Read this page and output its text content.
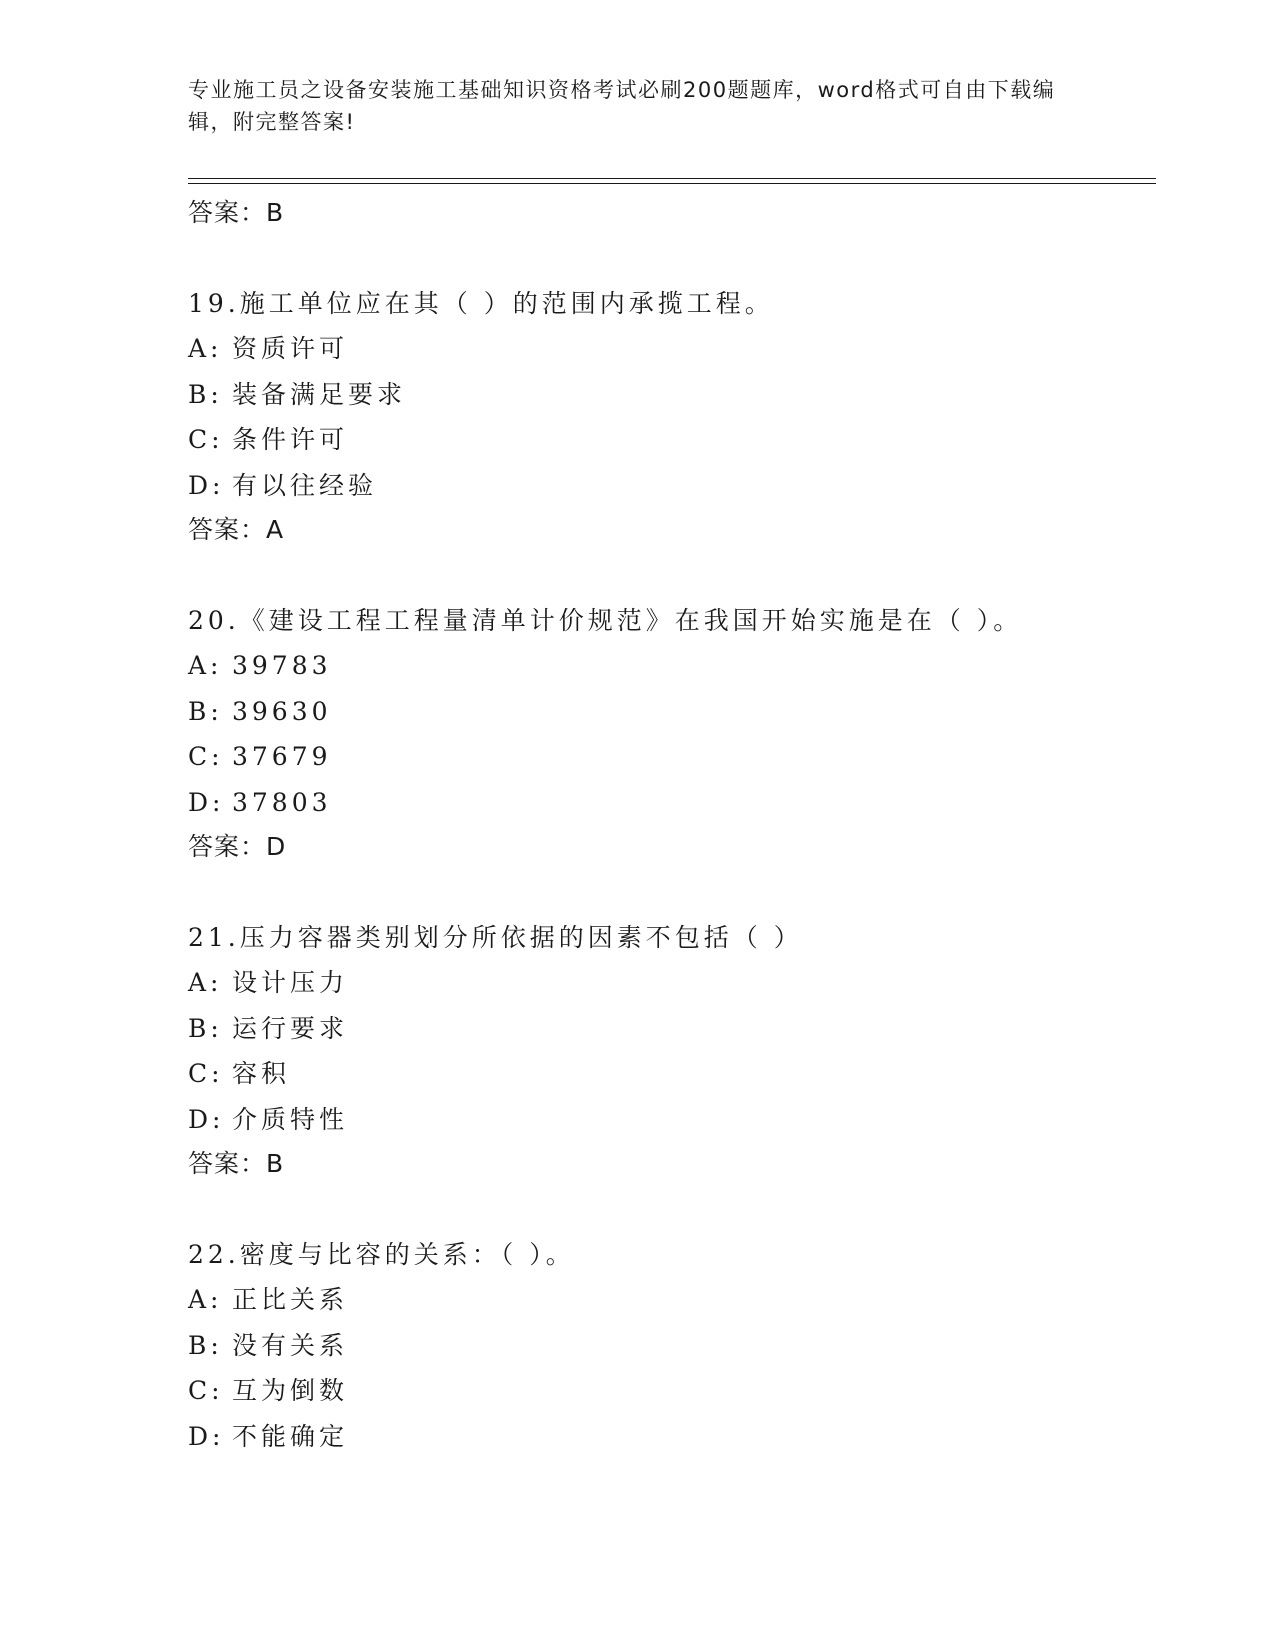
专业施工员之设备安装施工基础知识资格考试必刷200题题库，word格式可自由下载编辑，附完整答案!
答案：B
19.施工单位应在其（ ）的范围内承揽工程。
A: 资质许可
B: 装备满足要求
C: 条件许可
D: 有以往经验
答案：A
20.《建设工程工程量清单计价规范》在我国开始实施是在（ ）。
A: 39783
B: 39630
C: 37679
D: 37803
答案：D
21.压力容器类别划分所依据的因素不包括（ ）
A: 设计压力
B: 运行要求
C: 容积
D: 介质特性
答案：B
22.密度与比容的关系：（ ）。
A: 正比关系
B: 没有关系
C: 互为倒数
D: 不能确定
